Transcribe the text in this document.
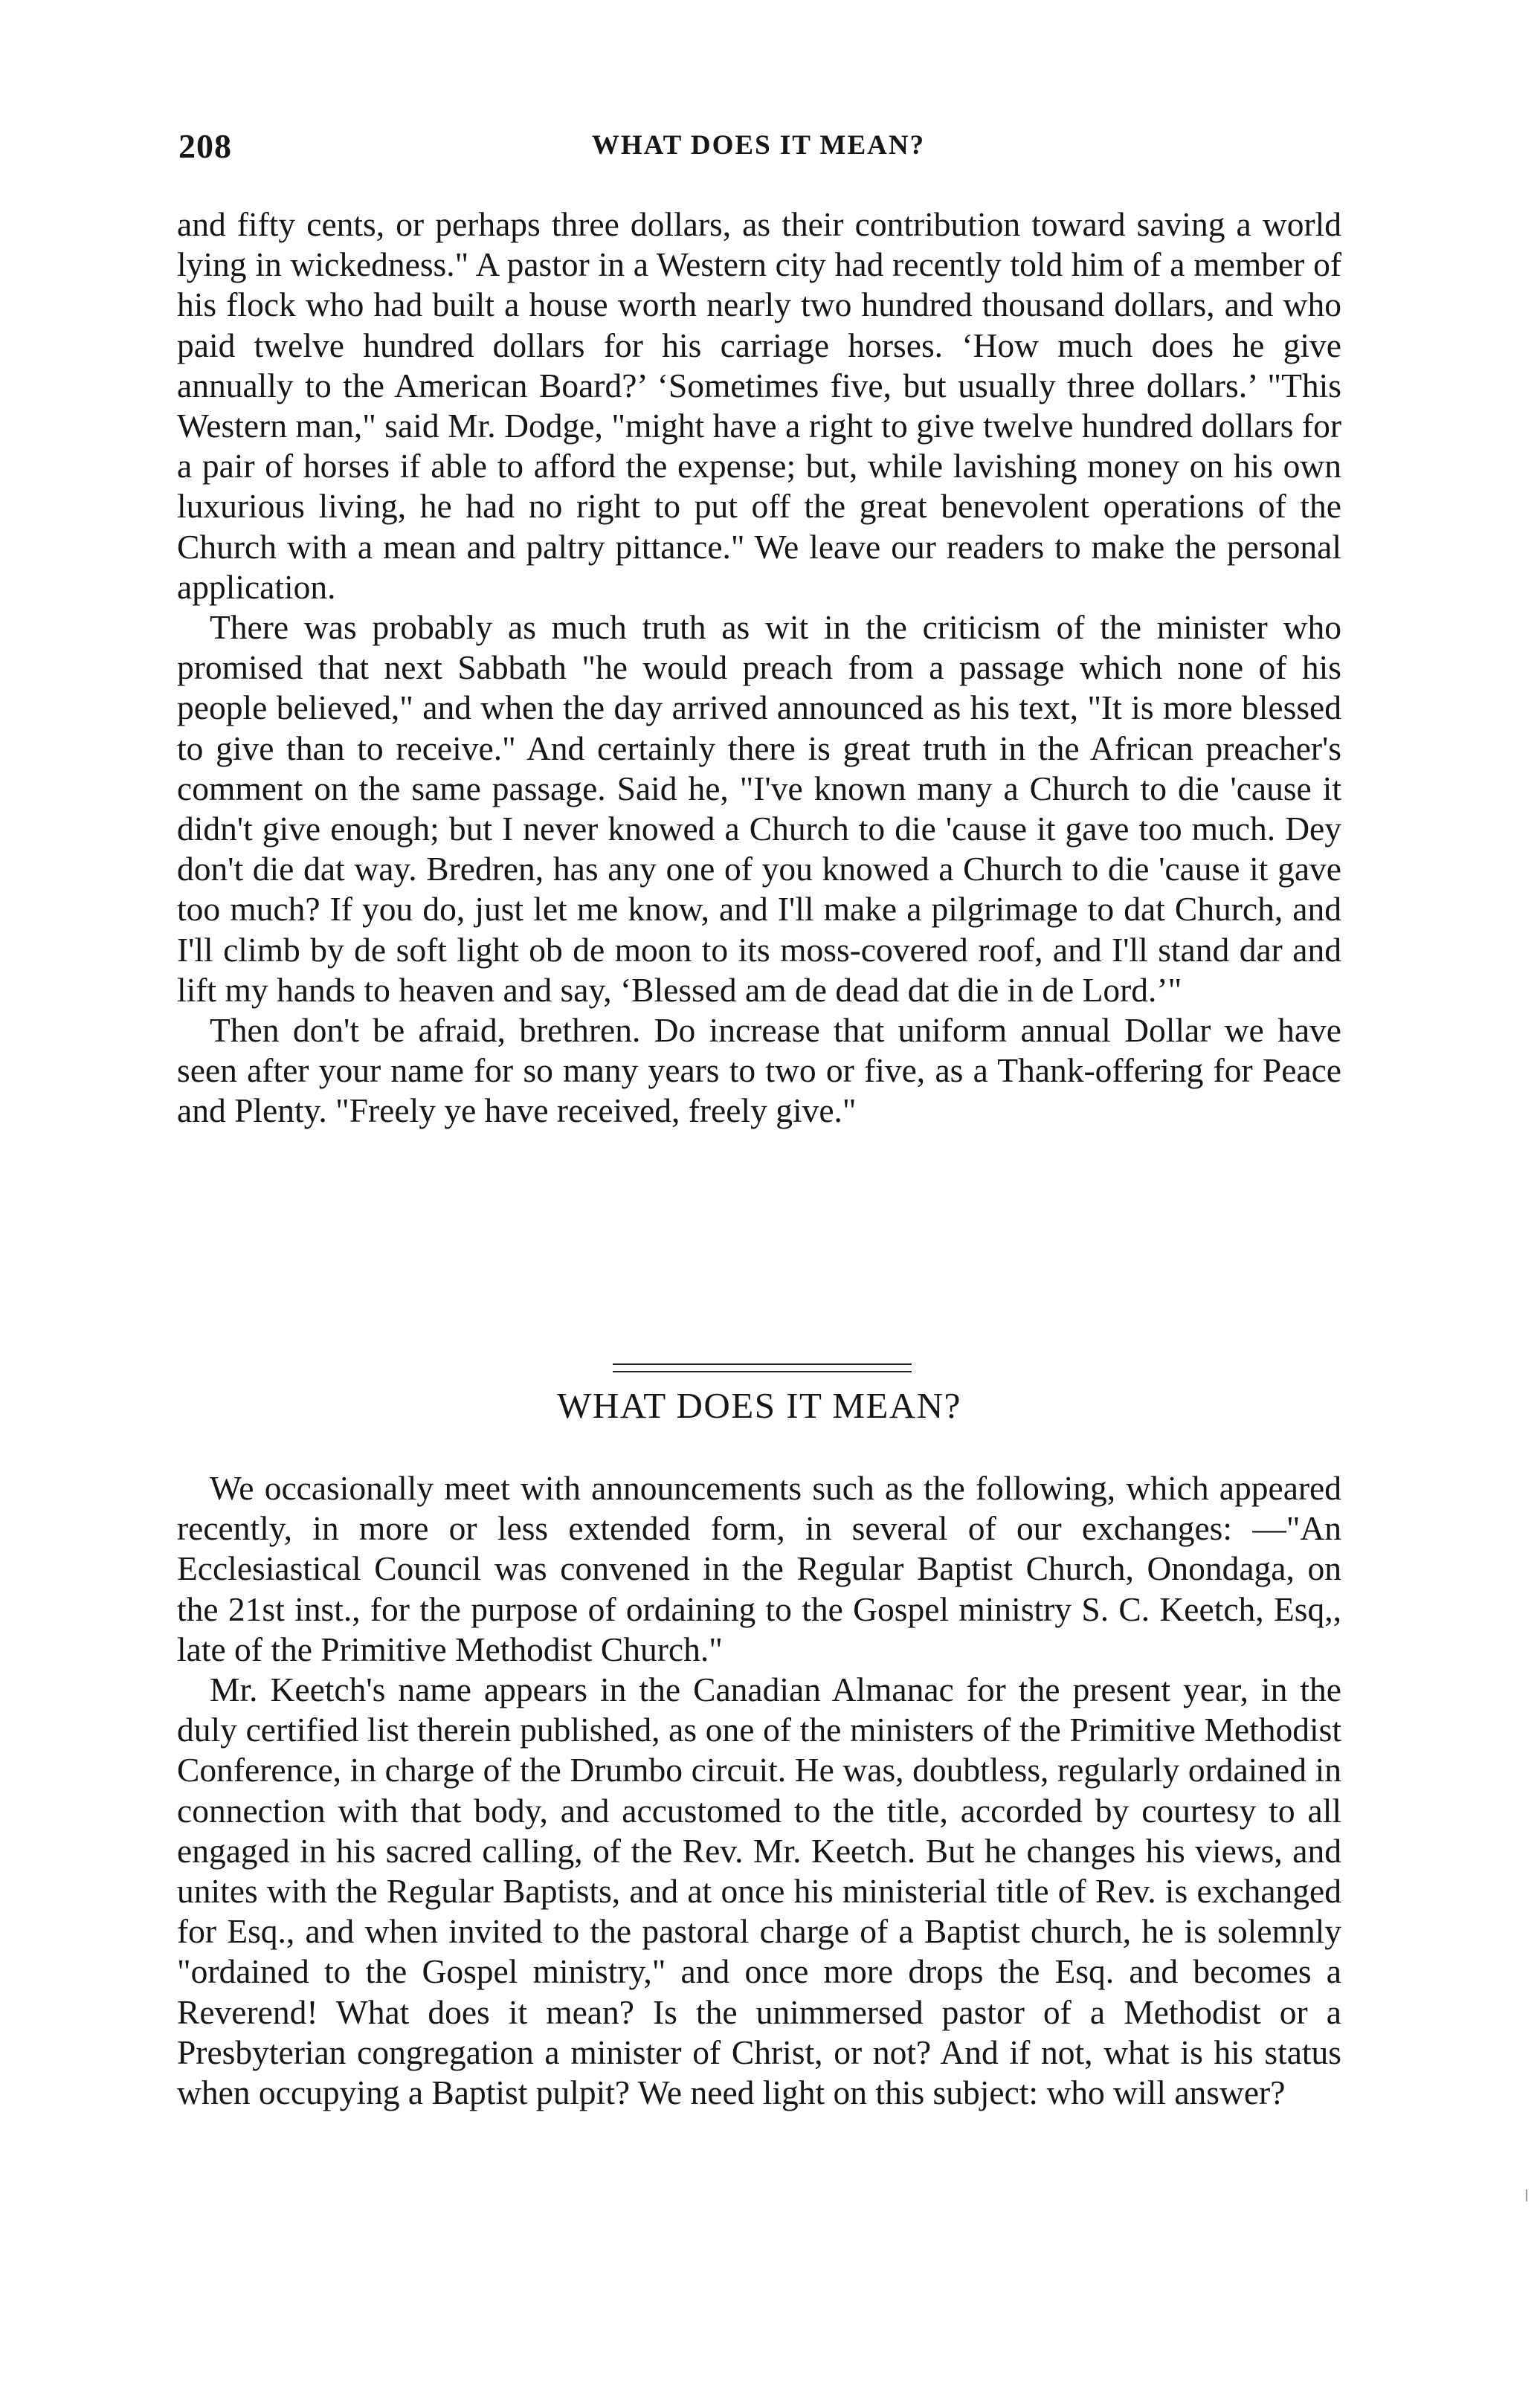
208	WHAT DOES IT MEAN?

and fifty cents, or perhaps three dollars, as their contribution toward saving a world lying in wickedness." A pastor in a Western city had recently told him of a member of his flock who had built a house worth nearly two hundred thousand dollars, and who paid twelve hundred dollars for his carriage horses. ‘How much does he give annually to the American Board?’ ‘Sometimes five, but usually three dollars.’ "This Western man," said Mr. Dodge, "might have a right to give twelve hundred dollars for a pair of horses if able to afford the expense; but, while lavishing money on his own luxurious living, he had no right to put off the great benevolent operations of the Church with a mean and paltry pittance." We leave our readers to make the personal application.

There was probably as much truth as wit in the criticism of the minister who promised that next Sabbath "he would preach from a passage which none of his people believed," and when the day arrived announced as his text, "It is more blessed to give than to receive." And certainly there is great truth in the African preacher's comment on the same passage. Said he, "I've known many a Church to die 'cause it didn't give enough; but I never knowed a Church to die 'cause it gave too much. Dey don't die dat way. Bredren, has any one of you knowed a Church to die 'cause it gave too much? If you do, just let me know, and I'll make a pilgrimage to dat Church, and I'll climb by de soft light ob de moon to its moss-covered roof, and I'll stand dar and lift my hands to heaven and say, ‘Blessed am de dead dat die in de Lord.’"

Then don't be afraid, brethren. Do increase that uniform annual Dollar we have seen after your name for so many years to two or five, as a Thank-offering for Peace and Plenty. "Freely ye have received, freely give."

WHAT DOES IT MEAN?

We occasionally meet with announcements such as the following, which appeared recently, in more or less extended form, in several of our exchanges: —"An Ecclesiastical Council was convened in the Regular Baptist Church, Onondaga, on the 21st inst., for the purpose of ordaining to the Gospel ministry S. C. Keetch, Esq,, late of the Primitive Methodist Church."

Mr. Keetch's name appears in the Canadian Almanac for the present year, in the duly certified list therein published, as one of the ministers of the Primitive Methodist Conference, in charge of the Drumbo circuit. He was, doubtless, regularly ordained in connection with that body, and accustomed to the title, accorded by courtesy to all engaged in his sacred calling, of the Rev. Mr. Keetch. But he changes his views, and unites with the Regular Baptists, and at once his ministerial title of Rev. is exchanged for Esq., and when invited to the pastoral charge of a Baptist church, he is solemnly "ordained to the Gospel ministry," and once more drops the Esq. and becomes a Reverend! What does it mean? Is the unimmersed pastor of a Methodist or a Presbyterian congregation a minister of Christ, or not? And if not, what is his status when occupying a Baptist pulpit? We need light on this subject: who will answer?
